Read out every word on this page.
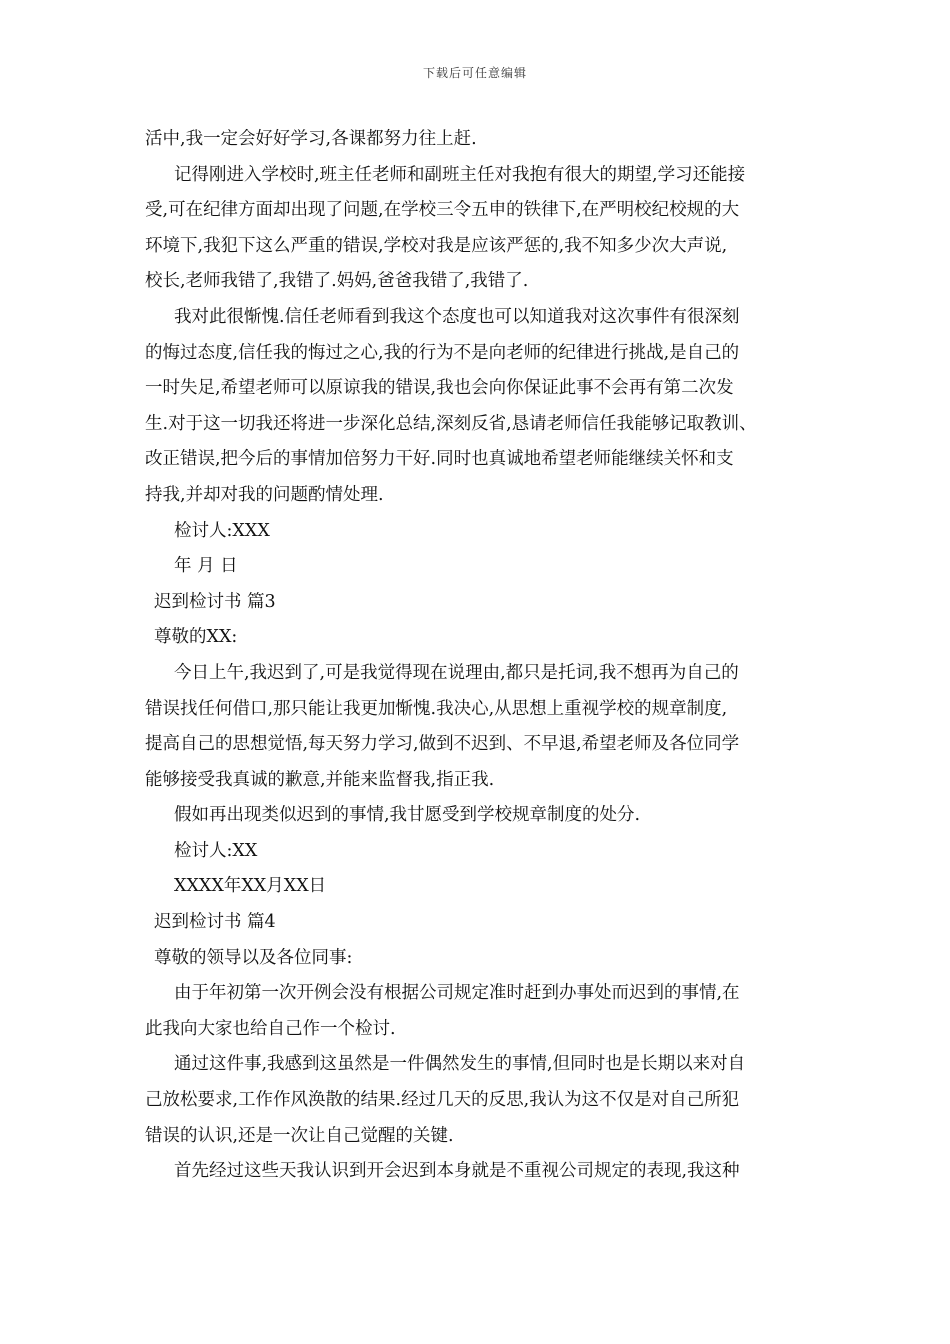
下载后可任意编辑
活中,我一定会好好学习,各课都努力往上赶.
记得刚进入学校时,班主任老师和副班主任对我抱有很大的期望,学习还能接
受,可在纪律方面却出现了问题,在学校三令五申的铁律下,在严明校纪校规的大
环境下,我犯下这么严重的错误,学校对我是应该严惩的,我不知多少次大声说,
校长,老师我错了,我错了.妈妈,爸爸我错了,我错了.
我对此很惭愧.信任老师看到我这个态度也可以知道我对这次事件有很深刻
的悔过态度,信任我的悔过之心,我的行为不是向老师的纪律进行挑战,是自己的
一时失足,希望老师可以原谅我的错误,我也会向你保证此事不会再有第二次发
生.对于这一切我还将进一步深化总结,深刻反省,恳请老师信任我能够记取教训、
改正错误,把今后的事情加倍努力干好.同时也真诚地希望老师能继续关怀和支
持我,并却对我的问题酌情处理.
检讨人:XXX
年 月 日
迟到检讨书 篇3
尊敬的XX:
今日上午,我迟到了,可是我觉得现在说理由,都只是托词,我不想再为自己的
错误找任何借口,那只能让我更加惭愧.我决心,从思想上重视学校的规章制度,
提高自己的思想觉悟,每天努力学习,做到不迟到、不早退,希望老师及各位同学
能够接受我真诚的歉意,并能来监督我,指正我.
假如再出现类似迟到的事情,我甘愿受到学校规章制度的处分.
检讨人:XX
XXXX年XX月XX日
迟到检讨书 篇4
尊敬的领导以及各位同事:
由于年初第一次开例会没有根据公司规定准时赶到办事处而迟到的事情,在
此我向大家也给自己作一个检讨.
通过这件事,我感到这虽然是一件偶然发生的事情,但同时也是长期以来对自
己放松要求,工作作风涣散的结果.经过几天的反思,我认为这不仅是对自己所犯
错误的认识,还是一次让自己觉醒的关键.
首先经过这些天我认识到开会迟到本身就是不重视公司规定的表现,我这种
